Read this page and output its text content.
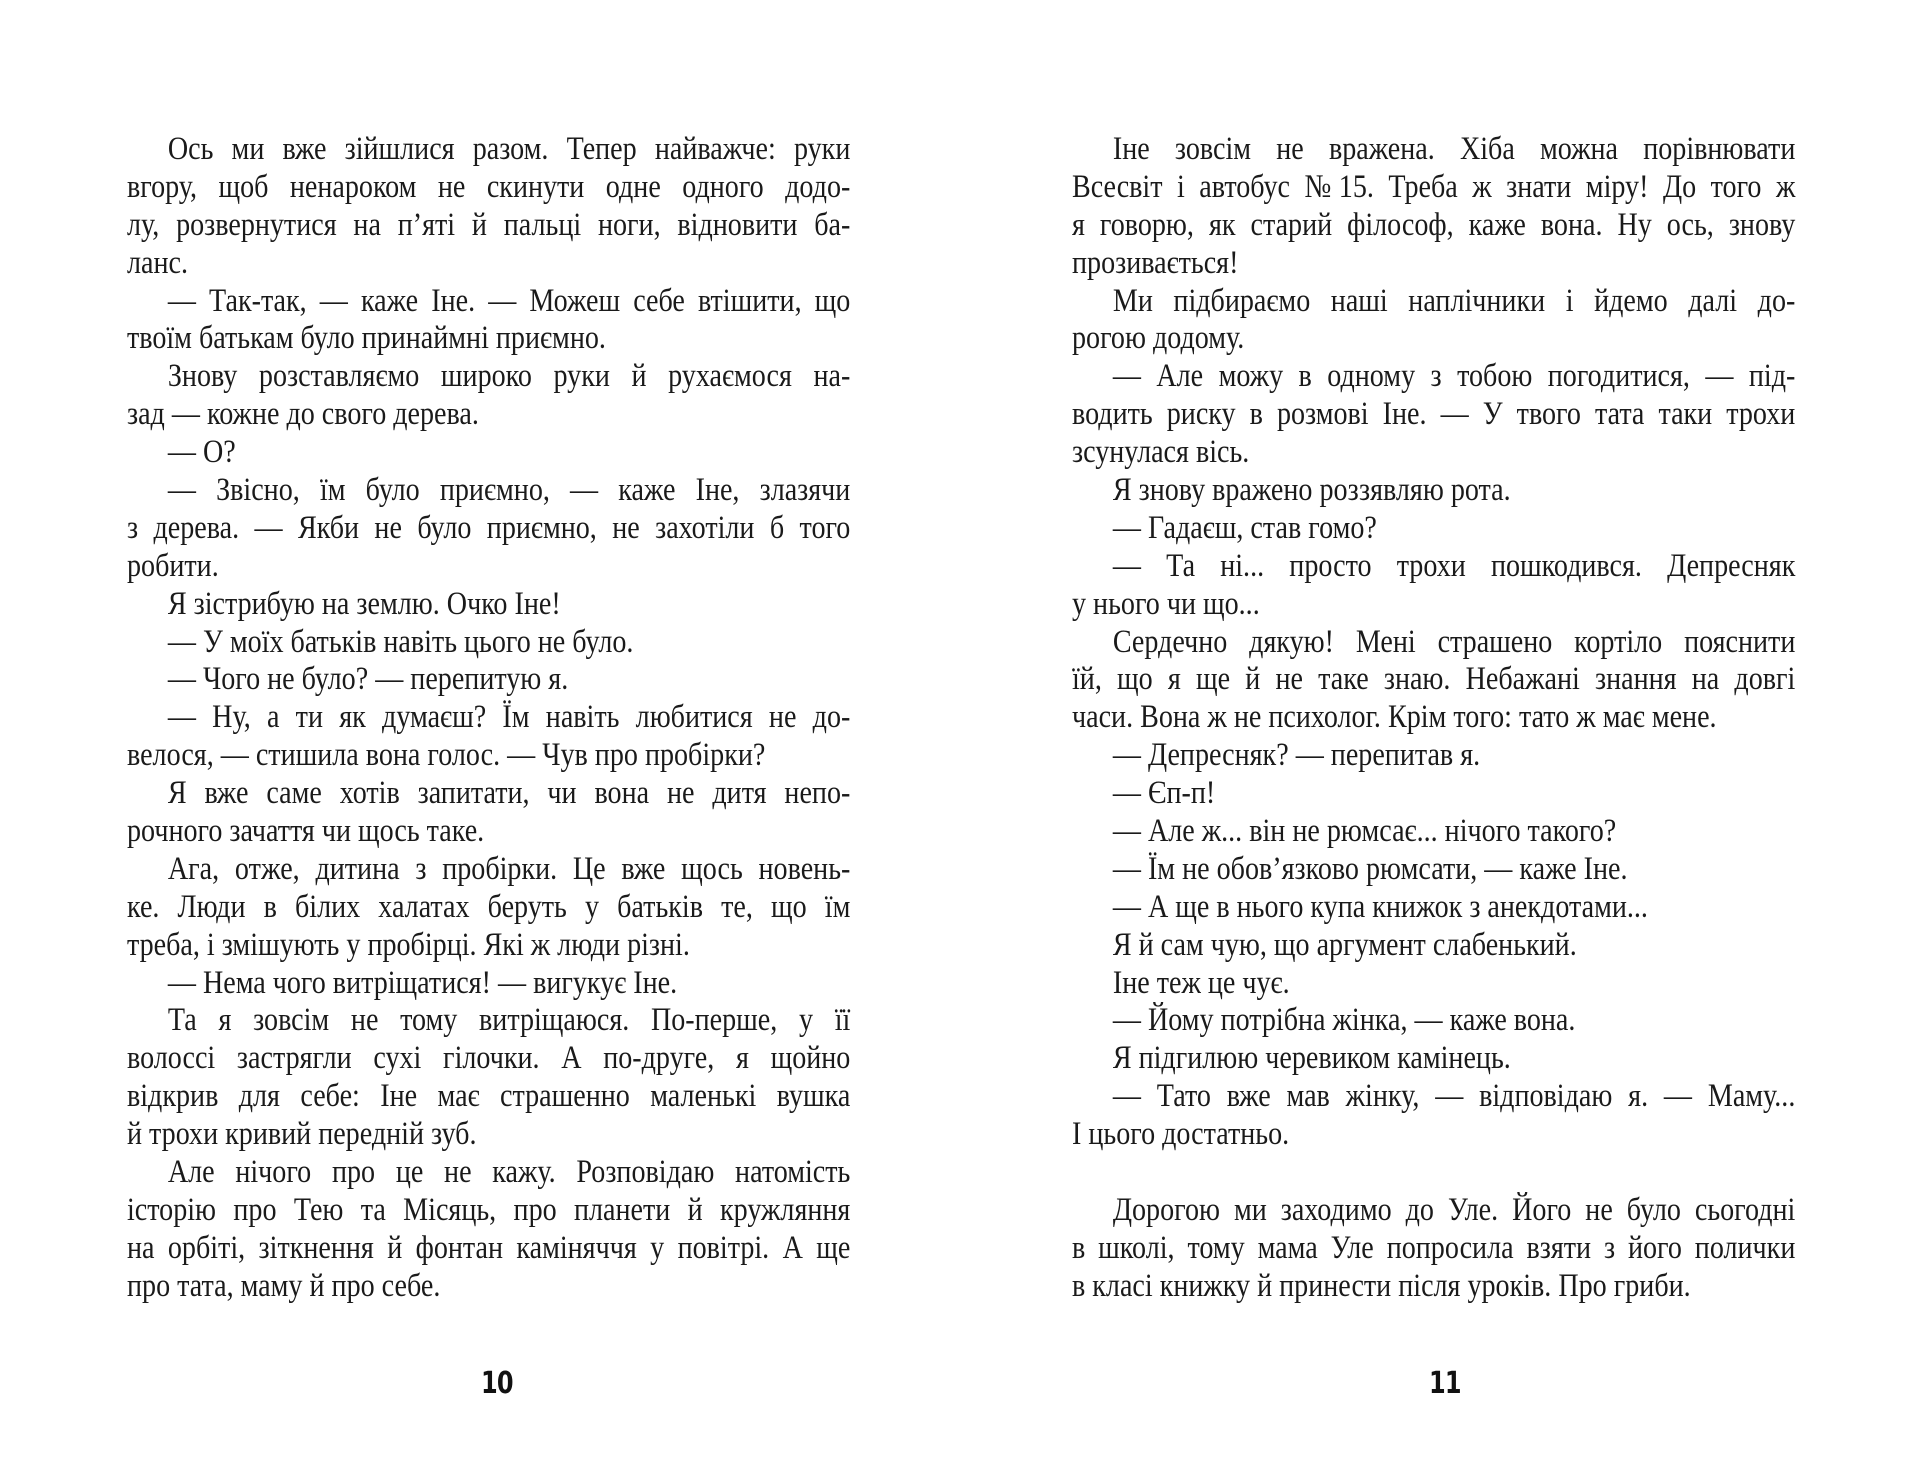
Ось ми вже зійшлися разом. Тепер найважче: руки
вгору, щоб ненароком не скинути одне одного додо-
лу, розвернутися на п’яті й пальці ноги, відновити ба-
ланс.
— Так-так, — каже Іне. — Можеш себе втішити, що
твоїм батькам було принаймні приємно.
Знову розставляємо широко руки й рухаємося на-
зад — кожне до свого дерева.
— О?
— Звісно, їм було приємно, — каже Іне, злазячи
з дерева. — Якби не було приємно, не захотіли б того
робити.
Я зістрибую на землю. Очко Іне!
— У моїх батьків навіть цього не було.
— Чого не було? — перепитую я.
— Ну, а ти як думаєш? Їм навіть любитися не до-
велося, — стишила вона голос. — Чув про пробірки?
Я вже саме хотів запитати, чи вона не дитя непо-
рочного зачаття чи щось таке.
Ага, отже, дитина з пробірки. Це вже щось новень-
ке. Люди в білих халатах беруть у батьків те, що їм
треба, і змішують у пробірці. Які ж люди різні.
— Нема чого витріщатися! — вигукує Іне.
Та я зовсім не тому витріщаюся. По-перше, у її
волоссі застрягли сухі гілочки. А по-друге, я щойно
відкрив для себе: Іне має страшенно маленькі вушка
й трохи кривий передній зуб.
Але нічого про це не кажу. Розповідаю натомість
історію про Тею та Місяць, про планети й кружляння
на орбіті, зіткнення й фонтан каміняччя у повітрі. А ще
про тата, маму й про себе.
Іне зовсім не вражена. Хіба можна порівнювати
Всесвіт і автобус №15. Треба ж знати міру! До того ж
я говорю, як старий філософ, каже вона. Ну ось, знову
прозивається!
Ми підбираємо наші наплічники і йдемо далі до-
рогою додому.
— Але можу в одному з тобою погодитися, — під-
водить риску в розмові Іне. — У твого тата таки трохи
зсунулася вісь.
Я знову вражено роззявляю рота.
— Гадаєш, став гомо?
— Та ні... просто трохи пошкодився. Депресняк
у нього чи що...
Сердечно дякую! Мені страшено кортіло пояснити
їй, що я ще й не таке знаю. Небажані знання на довгі
часи. Вона ж не психолог. Крім того: тато ж має мене.
— Депресняк? — перепитав я.
— Єп-п!
— Але ж... він не рюмсає... нічого такого?
— Їм не обов’язково рюмсати, — каже Іне.
— А ще в нього купа книжок з анекдотами...
Я й сам чую, що аргумент слабенький.
Іне теж це чує.
— Йому потрібна жінка, — каже вона.
Я підгилюю черевиком камінець.
— Тато вже мав жінку, — відповідаю я. — Маму...
І цього достатньо.
Дорогою ми заходимо до Уле. Його не було сьогодні
в школі, тому мама Уле попросила взяти з його полички
в класі книжку й принести після уроків. Про гриби.
10	11
